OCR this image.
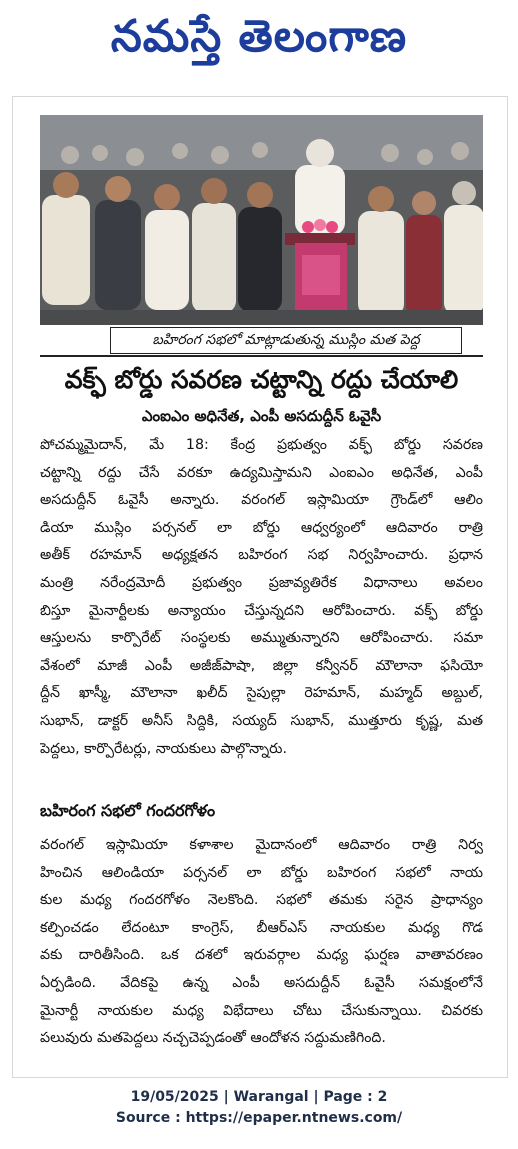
నమస్తే తెలంగాణ
బహిరంగ సభలో మాట్లాడుతున్న ముస్లిం మత పెద్ద
వక్ఫ్ బోర్డు సవరణ చట్టాన్ని రద్దు చేయాలి
ఎంఐఎం అధినేత, ఎంపీ అసదుద్దీన్ ఓవైసీ
పోచమ్మమైదాన్, మే 18: కేంద్ర ప్రభుత్వం వక్ఫ్ బోర్డు సవరణ
చట్టాన్ని రద్దు చేసే వరకూ ఉద్యమిస్తామని ఎంఐఎం అధినేత, ఎంపీ
అసదుద్దీన్ ఓవైసీ అన్నారు. వరంగల్ ఇస్లామియా గ్రౌండ్‌లో ఆలిం
డియా ముస్లిం పర్సనల్ లా బోర్డు ఆధ్వర్యంలో ఆదివారం రాత్రి
అతీక్ రహమాన్ అధ్యక్షతన బహిరంగ సభ నిర్వహించారు. ప్రధాన
మంత్రి నరేంద్రమోదీ ప్రభుత్వం ప్రజావ్యతిరేక విధానాలు అవలం
బిస్తూ మైనార్టీలకు అన్యాయం చేస్తున్నదని ఆరోపించారు. వక్ఫ్ బోర్డు
ఆస్తులను కార్పొరేట్ సంస్థలకు అమ్ముతున్నారని ఆరోపించారు. సమా
వేశంలో మాజీ ఎంపీ అజీజ్‌పాషా, జిల్లా కన్వీనర్ మౌలానా ఫసియో
ద్దీన్ ఖాస్మీ, మౌలానా ఖలీద్ సైపుల్లా రెహమాన్, మహ్మద్ అబ్దుల్,
సుభాన్, డాక్టర్ అనీస్ సిద్దికి, సయ్యద్ సుభాన్, ముత్తూరు కృష్ణ, మత
పెద్దలు, కార్పొరేటర్లు, నాయకులు పాల్గొన్నారు.
బహిరంగ సభలో గందరగోళం
వరంగల్ ఇస్లామియా కళాశాల మైదానంలో ఆదివారం రాత్రి నిర్వ
హించిన ఆలిండియా పర్సనల్ లా బోర్డు బహిరంగ సభలో నాయ
కుల మధ్య గందరగోళం నెలకొంది. సభలో తమకు సరైన ప్రాధాన్యం
కల్పించడం లేదంటూ కాంగ్రెస్, బీఆర్ఎస్ నాయకుల మధ్య గొడ
వకు దారితీసింది. ఒక దశలో ఇరువర్గాల మధ్య ఘర్షణ వాతావరణం
ఏర్పడింది. వేదికపై ఉన్న ఎంపీ అసదుద్దీన్ ఓవైసీ సమక్షంలోనే
మైనార్టీ నాయకుల మధ్య విభేదాలు చోటు చేసుకున్నాయి. చివరకు
పలువురు మతపెద్దలు నచ్చచెప్పడంతో ఆందోళన సద్దుమణిగింది.
19/05/2025 | Warangal | Page : 2
Source : https://epaper.ntnews.com/
